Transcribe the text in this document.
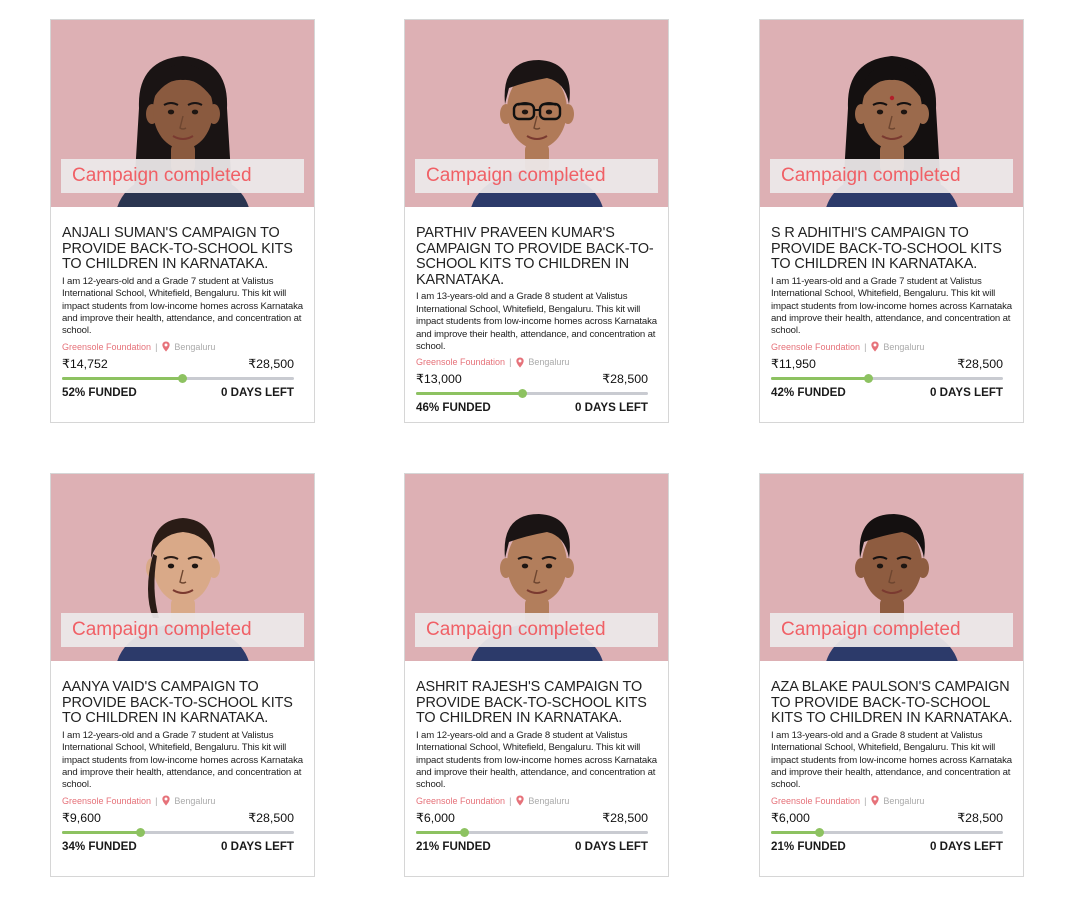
Campaign completed
ANJALI SUMAN'S CAMPAIGN TO PROVIDE BACK-TO-SCHOOL KITS TO CHILDREN IN KARNATAKA.

I am 12-years-old and a Grade 7 student at Valistus International School, Whitefield, Bengaluru. This kit will impact students from low-income homes across Karnataka and improve their health, attendance, and concentration at school.

Greensole Foundation | Bengaluru
₹14,752	₹28,500
52% FUNDED	0 DAYS LEFT
Campaign completed
PARTHIV PRAVEEN KUMAR'S CAMPAIGN TO PROVIDE BACK-TO-SCHOOL KITS TO CHILDREN IN KARNATAKA.

I am 13-years-old and a Grade 8 student at Valistus International School, Whitefield, Bengaluru. This kit will impact students from low-income homes across Karnataka and improve their health, attendance, and concentration at school.

Greensole Foundation | Bengaluru
₹13,000	₹28,500
46% FUNDED	0 DAYS LEFT
Campaign completed
S R ADHITHI'S CAMPAIGN TO PROVIDE BACK-TO-SCHOOL KITS TO CHILDREN IN KARNATAKA.

I am 11-years-old and a Grade 7 student at Valistus International School, Whitefield, Bengaluru. This kit will impact students from low-income homes across Karnataka and improve their health, attendance, and concentration at school.

Greensole Foundation | Bengaluru
₹11,950	₹28,500
42% FUNDED	0 DAYS LEFT
Campaign completed
AANYA VAID'S CAMPAIGN TO PROVIDE BACK-TO-SCHOOL KITS TO CHILDREN IN KARNATAKA.

I am 12-years-old and a Grade 7 student at Valistus International School, Whitefield, Bengaluru. This kit will impact students from low-income homes across Karnataka and improve their health, attendance, and concentration at school.

Greensole Foundation | Bengaluru
₹9,600	₹28,500
34% FUNDED	0 DAYS LEFT
Campaign completed
ASHRIT RAJESH'S CAMPAIGN TO PROVIDE BACK-TO-SCHOOL KITS TO CHILDREN IN KARNATAKA.

I am 12-years-old and a Grade 8 student at Valistus International School, Whitefield, Bengaluru. This kit will impact students from low-income homes across Karnataka and improve their health, attendance, and concentration at school.

Greensole Foundation | Bengaluru
₹6,000	₹28,500
21% FUNDED	0 DAYS LEFT
Campaign completed
AZA BLAKE PAULSON'S CAMPAIGN TO PROVIDE BACK-TO-SCHOOL KITS TO CHILDREN IN KARNATAKA.

I am 13-years-old and a Grade 8 student at Valistus International School, Whitefield, Bengaluru. This kit will impact students from low-income homes across Karnataka and improve their health, attendance, and concentration at school.

Greensole Foundation | Bengaluru
₹6,000	₹28,500
21% FUNDED	0 DAYS LEFT
